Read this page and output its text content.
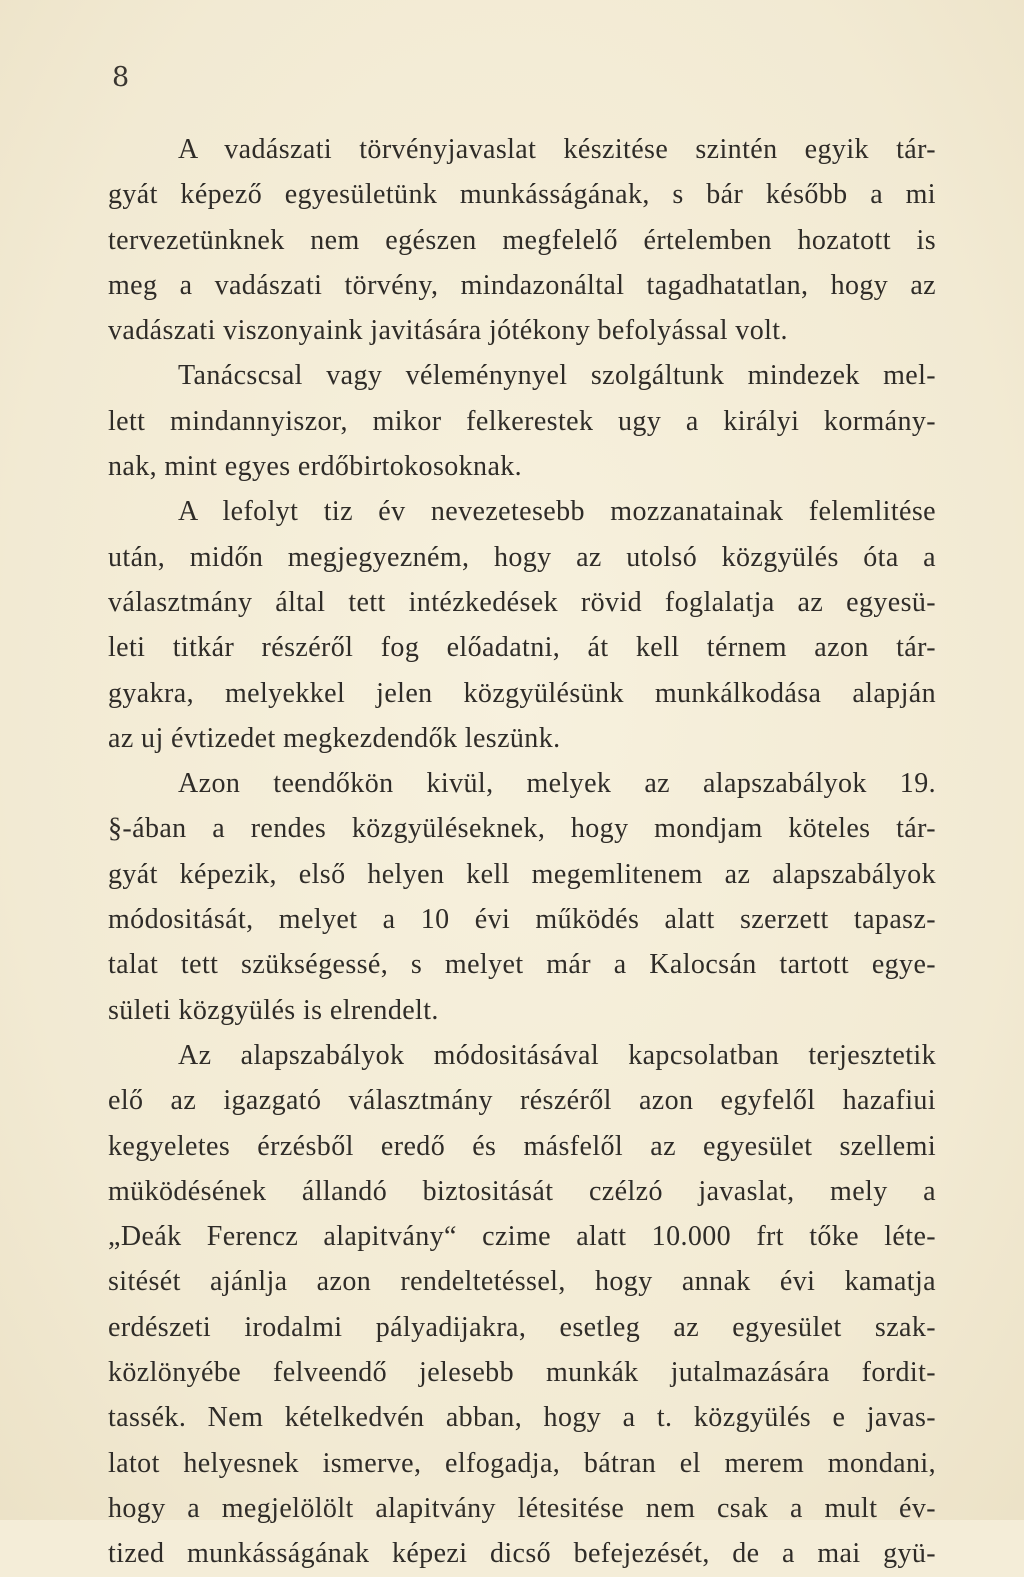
8
A vadászati törvényjavaslat készitése szintén egyik tár-
gyát képező egyesületünk munkásságának, s bár később a mi
tervezetünknek nem egészen megfelelő értelemben hozatott is
meg a vadászati törvény, mindazonáltal tagadhatatlan, hogy az
vadászati viszonyaink javitására jótékony befolyással volt.
Tanácscsal vagy véleménynyel szolgáltunk mindezek mel-
lett mindannyiszor, mikor felkerestek ugy a királyi kormány-
nak, mint egyes erdőbirtokosoknak.
A lefolyt tiz év nevezetesebb mozzanatainak felemlitése
után, midőn megjegyezném, hogy az utolsó közgyülés óta a
választmány által tett intézkedések rövid foglalatja az egyesü-
leti titkár részéről fog előadatni, át kell térnem azon tár-
gyakra, melyekkel jelen közgyülésünk munkálkodása alapján
az uj évtizedet megkezdendők leszünk.
Azon teendőkön kivül, melyek az alapszabályok 19.
§-ában a rendes közgyüléseknek, hogy mondjam köteles tár-
gyát képezik, első helyen kell megemlitenem az alapszabályok
módositását, melyet a 10 évi működés alatt szerzett tapasz-
talat tett szükségessé, s melyet már a Kalocsán tartott egye-
sületi közgyülés is elrendelt.
Az alapszabályok módositásával kapcsolatban terjesztetik
elő az igazgató választmány részéről azon egyfelől hazafiui
kegyeletes érzésből eredő és másfelől az egyesület szellemi
müködésének állandó biztositását czélzó javaslat, mely a
„Deák Ferencz alapitvány“ czime alatt 10.000 frt tőke léte-
sitését ajánlja azon rendeltetéssel, hogy annak évi kamatja
erdészeti irodalmi pályadijakra, esetleg az egyesület szak-
közlönyébe felveendő jelesebb munkák jutalmazására fordit-
tassék. Nem kételkedvén abban, hogy a t. közgyülés e javas-
latot helyesnek ismerve, elfogadja, bátran el merem mondani,
hogy a megjelölölt alapitvány létesitése nem csak a mult év-
tized munkásságának képezi dicső befejezését, de a mai gyü-
